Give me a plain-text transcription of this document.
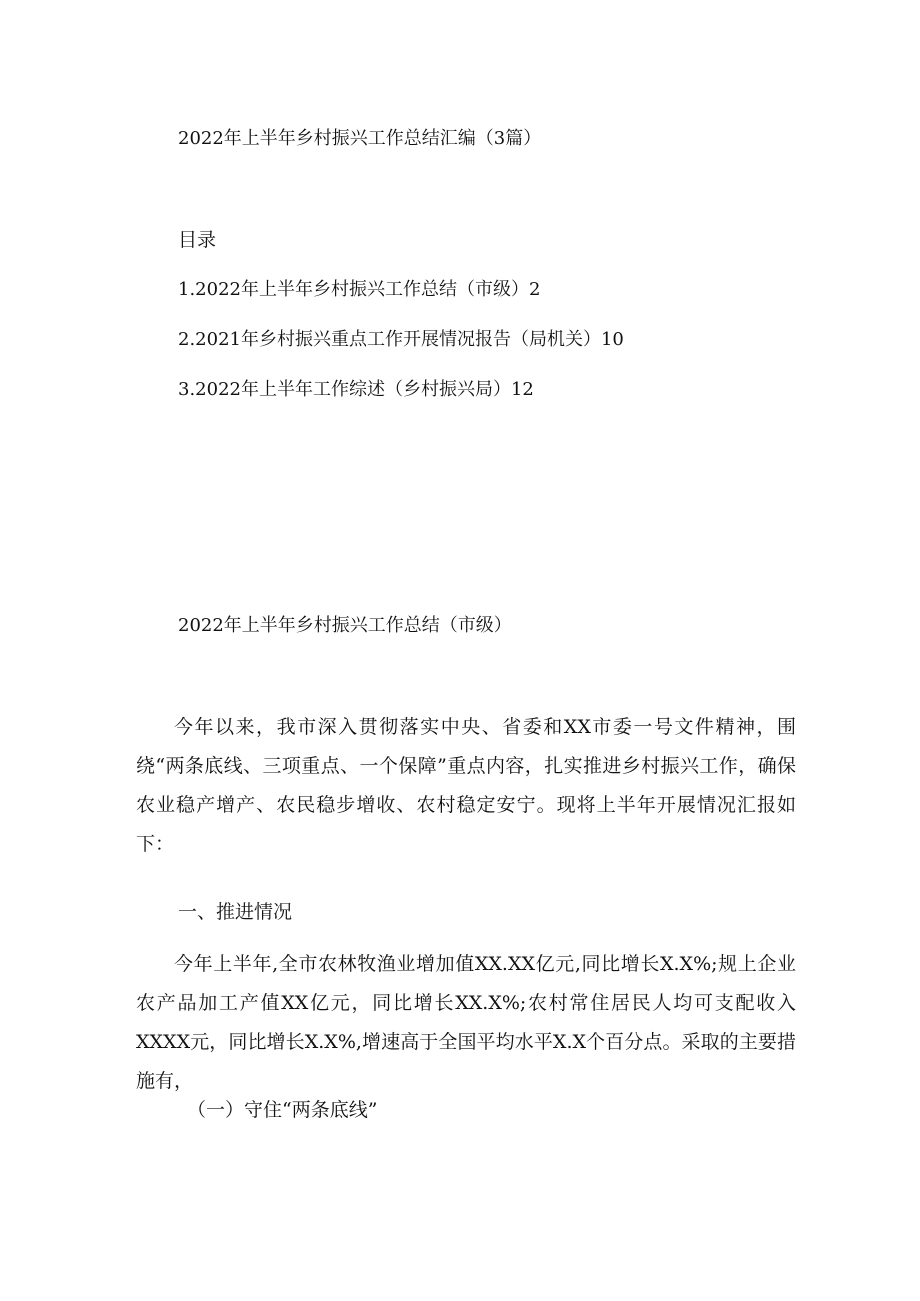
2022年上半年乡村振兴工作总结汇编（3篇）
目录
1.2022年上半年乡村振兴工作总结（市级）2
2.2021年乡村振兴重点工作开展情况报告（局机关）10
3.2022年上半年工作综述（乡村振兴局）12
2022年上半年乡村振兴工作总结（市级）
今年以来，我市深入贯彻落实中央、省委和XX市委一号文件精神，围绕“两条底线、三项重点、一个保障”重点内容，扎实推进乡村振兴工作，确保农业稳产增产、农民稳步增收、农村稳定安宁。现将上半年开展情况汇报如下：
一、推进情况
今年上半年,全市农林牧渔业增加值XX.XX亿元,同比增长X.X%;规上企业农产品加工产值XX亿元，同比增长XX.X%;农村常住居民人均可支配收入XXXX元，同比增长X.X%,增速高于全国平均水平X.X个百分点。采取的主要措施有，
（一）守住“两条底线”
